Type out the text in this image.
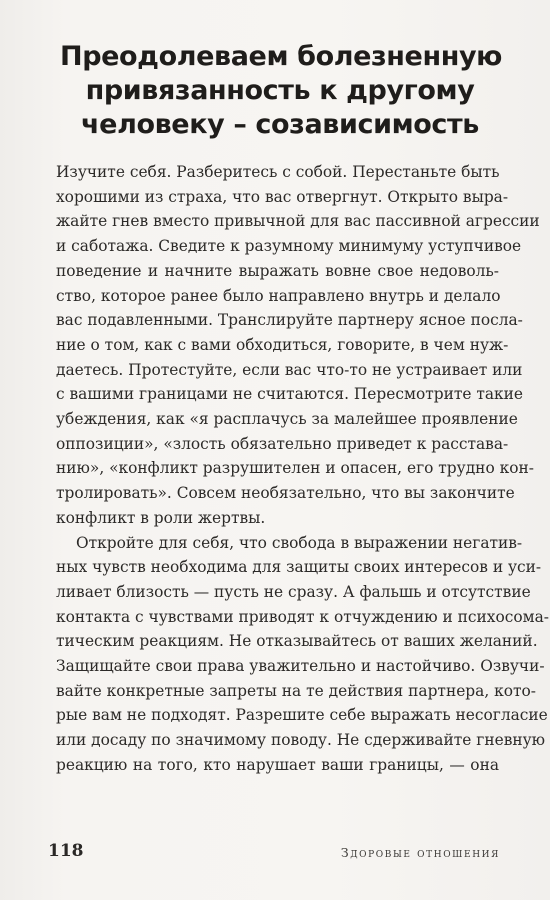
Преодолеваем болезненную
привязанность к другому
человеку – созависимость

Изучите себя. Разберитесь с собой. Перестаньте быть
хорошими из страха, что вас отвергнут. Открыто выра-
жайте гнев вместо привычной для вас пассивной агрессии
и саботажа. Сведите к разумному минимуму уступчивое
поведение и начните выражать вовне свое недоволь-
ство, которое ранее было направлено внутрь и делало
вас подавленными. Транслируйте партнеру ясное посла-
ние о том, как с вами обходиться, говорите, в чем нуж-
даетесь. Протестуйте, если вас что-то не устраивает или
с вашими границами не считаются. Пересмотрите такие
убеждения, как «я расплачусь за малейшее проявление
оппозиции», «злость обязательно приведет к расстава-
нию», «конфликт разрушителен и опасен, его трудно кон-
тролировать». Совсем необязательно, что вы закончите
конфликт в роли жертвы.

Откройте для себя, что свобода в выражении негатив-
ных чувств необходима для защиты своих интересов и уси-
ливает близость — пусть не сразу. А фальшь и отсутствие
контакта с чувствами приводят к отчуждению и психосома-
тическим реакциям. Не отказывайтесь от ваших желаний.
Защищайте свои права уважительно и настойчиво. Озвучи-
вайте конкретные запреты на те действия партнера, кото-
рые вам не подходят. Разрешите себе выражать несогласие
или досаду по значимому поводу. Не сдерживайте гневную
реакцию на того, кто нарушает ваши границы, — она

118	Здоровые отношения
